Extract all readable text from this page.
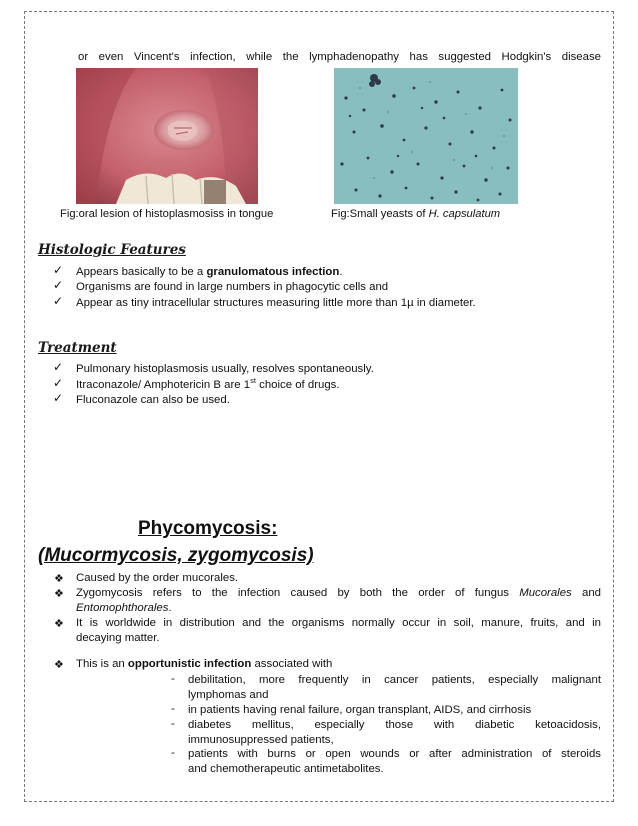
or even Vincent's infection, while the lymphadenopathy has suggested Hodgkin's disease
Fig:oral lesion of histoplasmosiss in tongue	Fig:Small yeasts of H. capsulatum
Histologic Features
✓ Appears basically to be a granulomatous infection.
✓ Organisms are found in large numbers in phagocytic cells and
✓ Appear as tiny intracellular structures measuring little more than 1µ in diameter.
Treatment
✓ Pulmonary histoplasmosis usually, resolves spontaneously.
✓ Itraconazole/ Amphotericin B are 1st choice of drugs.
✓ Fluconazole can also be used.
Phycomycosis:
(Mucormycosis, zygomycosis)
❖ Caused by the order mucorales.
❖ Zygomycosis refers to the infection caused by both the order of fungus Mucorales and
Entomophthorales.
❖ It is worldwide in distribution and the organisms normally occur in soil, manure, fruits, and in
decaying matter.
❖ This is an opportunistic infection associated with
- debilitation, more frequently in cancer patients, especially malignant
lymphomas and
- in patients having renal failure, organ transplant, AIDS, and cirrhosis
- diabetes mellitus, especially those with diabetic ketoacidosis,
immunosuppressed patients,
- patients with burns or open wounds or after administration of steroids
and chemotherapeutic antimetabolites.
